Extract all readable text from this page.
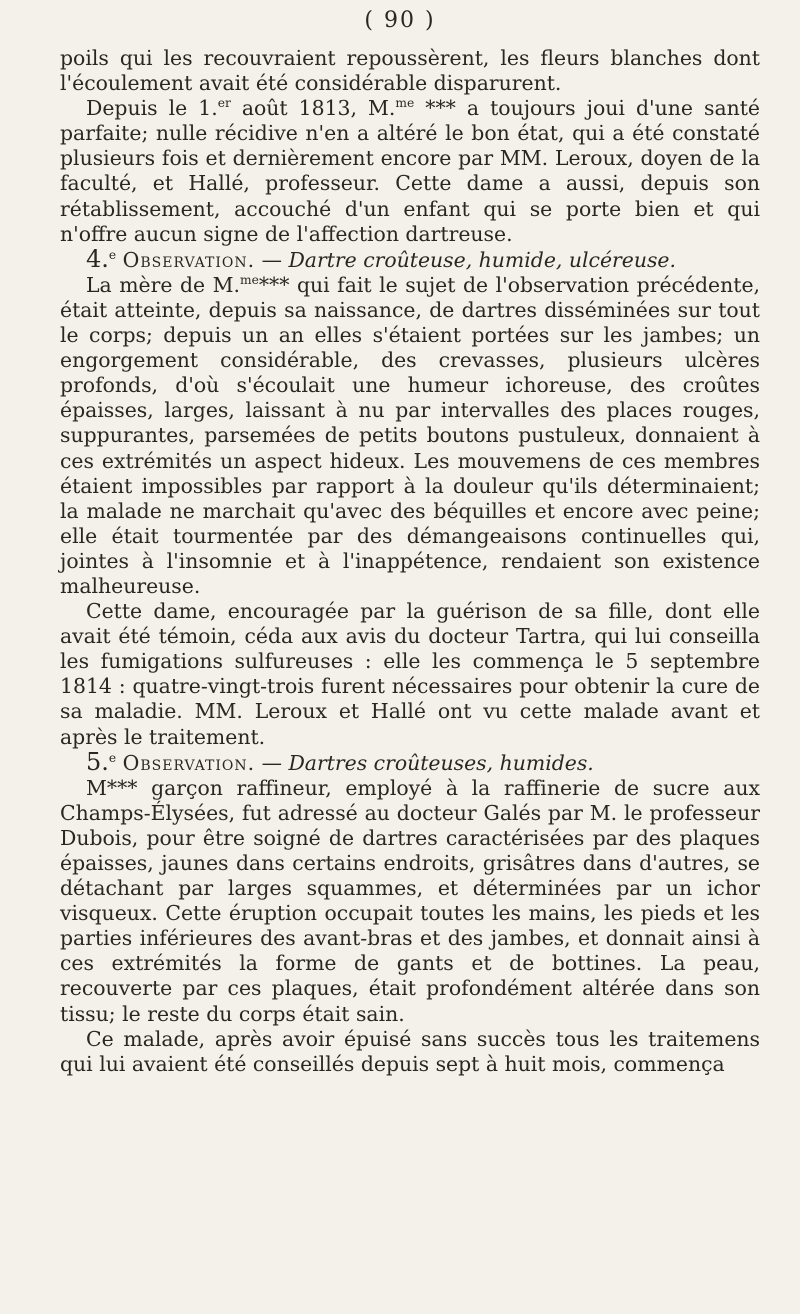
( 90 )

poils qui les recouvraient repoussèrent, les fleurs blanches dont l'écoulement avait été considérable disparurent.

Depuis le 1.$^{er}$ août 1813, M.$^{me}$ *** a toujours joui d'une santé parfaite; nulle récidive n'en a altéré le bon état, qui a été constaté plusieurs fois et dernièrement encore par MM. Leroux, doyen de la faculté, et Hallé, professeur. Cette dame a aussi, depuis son rétablissement, accouché d'un enfant qui se porte bien et qui n'offre aucun signe de l'affection dartreuse.

4.$^e$ Observation. — Dartre croûteuse, humide, ulcéreuse.

La mère de M.$^{me}$*** qui fait le sujet de l'observation précédente, était atteinte, depuis sa naissance, de dartres disséminées sur tout le corps; depuis un an elles s'étaient portées sur les jambes; un engorgement considérable, des crevasses, plusieurs ulcères profonds, d'où s'écoulait une humeur ichoreuse, des croûtes épaisses, larges, laissant à nu par intervalles des places rouges, suppurantes, parsemées de petits boutons pustuleux, donnaient à ces extrémités un aspect hideux. Les mouvemens de ces membres étaient impossibles par rapport à la douleur qu'ils déterminaient; la malade ne marchait qu'avec des béquilles et encore avec peine; elle était tourmentée par des démangeaisons continuelles qui, jointes à l'insomnie et à l'inappétence, rendaient son existence malheureuse.

Cette dame, encouragée par la guérison de sa fille, dont elle avait été témoin, céda aux avis du docteur Tartra, qui lui conseilla les fumigations sulfureuses : elle les commença le 5 septembre 1814 : quatre-vingt-trois furent nécessaires pour obtenir la cure de sa maladie. MM. Leroux et Hallé ont vu cette malade avant et après le traitement.

5.$^e$ Observation. — Dartres croûteuses, humides.

M*** garçon raffineur, employé à la raffinerie de sucre aux Champs-Élysées, fut adressé au docteur Galés par M. le professeur Dubois, pour être soigné de dartres caractérisées par des plaques épaisses, jaunes dans certains endroits, grisâtres dans d'autres, se détachant par larges squammes, et déterminées par un ichor visqueux. Cette éruption occupait toutes les mains, les pieds et les parties inférieures des avant-bras et des jambes, et donnait ainsi à ces extrémités la forme de gants et de bottines. La peau, recouverte par ces plaques, était profondément altérée dans son tissu; le reste du corps était sain.

Ce malade, après avoir épuisé sans succès tous les traitemens qui lui avaient été conseillés depuis sept à huit mois, commença
